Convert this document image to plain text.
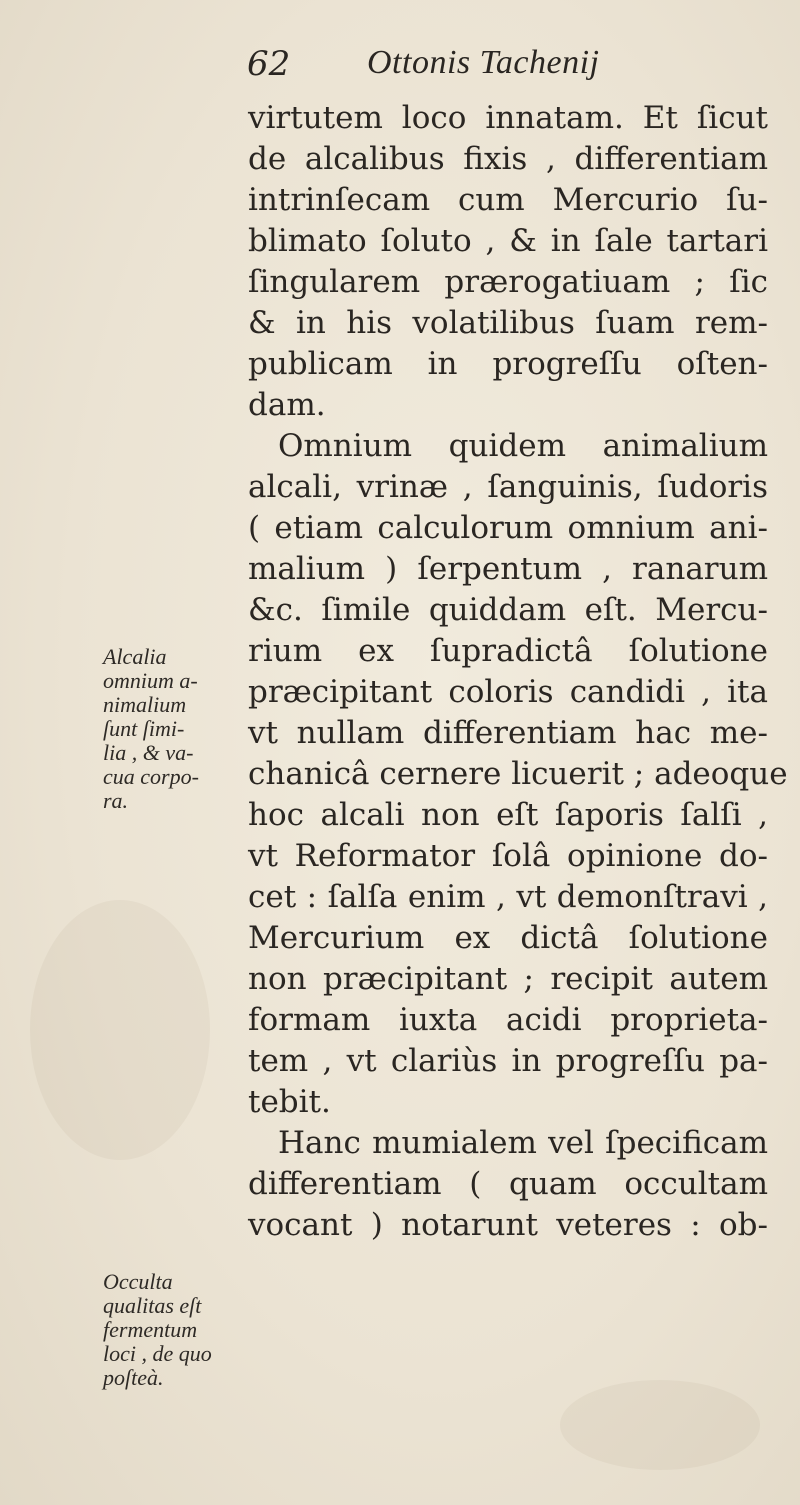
62 Ottonis Tachenij
virtutem loco innatam. Et ſicut
de alcalibus fixis , differentiam
intrinſecam cum Mercurio ſu-
blimato ſoluto , & in ſale tartari
ſingularem prærogatiuam ; ſic
& in his volatilibus ſuam rem-
publicam in progreſſu oſten-
dam.
Omnium quidem animalium
alcali, vrinæ , ſanguinis, ſudoris
( etiam calculorum omnium ani-
malium ) ſerpentum , ranarum
&c. ſimile quiddam eſt. Mercu-
rium ex ſupradictâ ſolutione
præcipitant coloris candidi , ita
vt nullam differentiam hac me-
chanicâ cernere licuerit ; adeoque
hoc alcali non eſt ſaporis ſalſi ,
vt Reformator ſolâ opinione do-
cet : ſalſa enim , vt demonſtravi ,
Mercurium ex dictâ ſolutione
non præcipitant ; recipit autem
formam iuxta acidi proprieta-
tem , vt clariùs in progreſſu pa-
tebit.
Hanc mumialem vel ſpecificam
differentiam ( quam occultam
vocant ) notarunt veteres : ob-
Alcalia
omnium a-
nimalium
ſunt ſimi-
lia , & va-
cua corpo-
ra.
Occulta
qualitas eſt
fermentum
loci , de quo
poſteà.
